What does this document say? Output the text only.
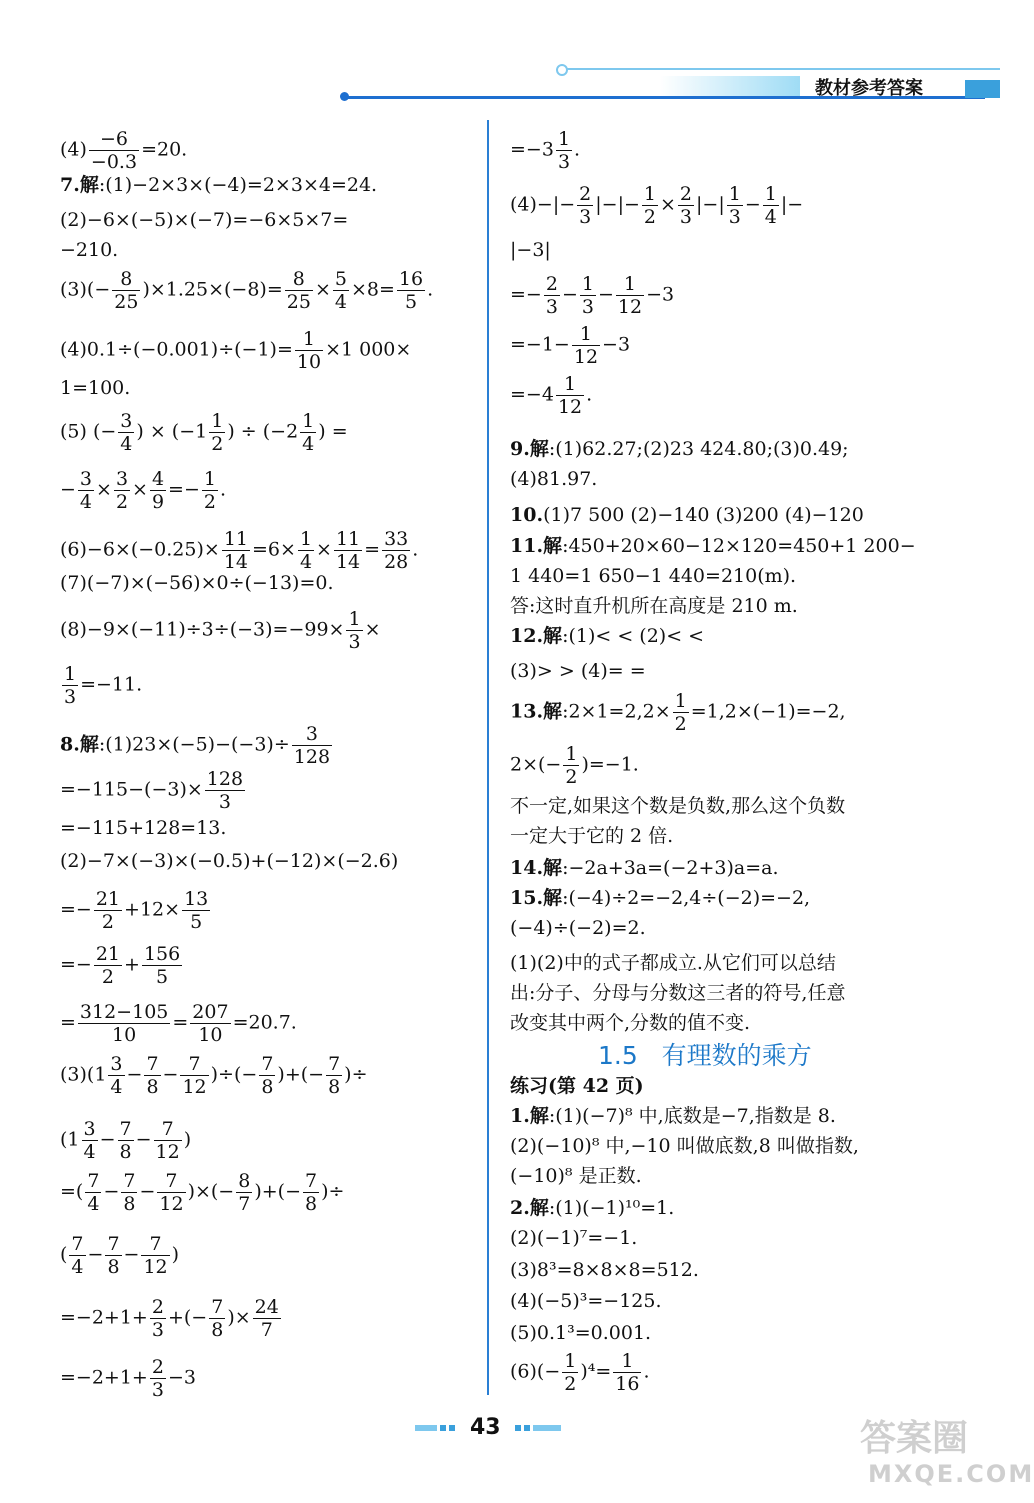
教材参考答案
$(4) \frac{-6}{-0.3} =20$.
7.解:(1)−2×3×(−4)=2×3×4=24.
(2)−6×(−5)×(−7)=−6×5×7=
−210.
$(3)(- \frac{8}{25} )\times 1.25\times(-8)= \frac{8}{25} \times \frac{5}{4} \times 8= \frac{16}{5}$ .
$(4)0.1\div(-0.001)\div(-1)= \frac{1}{10} \times 1$ 000×
1=100.
(5) (− $\frac{3}{4}$ ) × ($-1 \frac{1}{2}$ ) ÷ ($-2 \frac{1}{4}$ ) =
− $\frac{3}{4} \times \frac{3}{2} \times \frac{4}{9} =- \frac{1}{2}$ .
$(6)-6\times(-0.25)\times \frac{11}{14} =6\times \frac{1}{4} \times \frac{11}{14} = \frac{33}{28}$ .
(7)(−7)×(−56)×0÷(−13)=0.
$(8)-9\times(-11)\div 3\div(-3)=-99\times \frac{1}{3}$ ×
$\frac{1}{3} =-11$.
8.解:(1)23×(−5)−(−3)÷ $\frac{3}{128}$
$=-115-(-3)\times \frac{128}{3}$
=−115+128=13.
(2)−7×(−3)×(−0.5)+(−12)×(−2.6)
=− $\frac{21}{2} +12\times \frac{13}{5}$
=− $\frac{21}{2} + \frac{156}{5}$
= $\frac{312-105}{10} = \frac{207}{10} =20.7$.
$(3)(1 \frac{3}{4} - \frac{7}{8} - \frac{7}{12}$ )÷(− $\frac{7}{8}$ )+(− $\frac{7}{8}$ )÷
($1 \frac{3}{4} - \frac{7}{8} - \frac{7}{12}$ )
=( $\frac{7}{4} - \frac{7}{8} - \frac{7}{12}$ )×(− $\frac{8}{7}$ )+(− $\frac{7}{8}$ )÷
( $\frac{7}{4} - \frac{7}{8} - \frac{7}{12}$ )
$=-2+1+ \frac{2}{3}$ +(− $\frac{7}{8}$ )× $\frac{24}{7}$
$=-2+1+ \frac{2}{3} -3$
$=-3 \frac{1}{3}$ .
$(4)-|- \frac{2}{3}$ |−|− $\frac{1}{2} \times \frac{2}{3}$ |−| $\frac{1}{3} - \frac{1}{4}$ |−
|−3|
=− $\frac{2}{3} - \frac{1}{3} - \frac{1}{12} -3$
$=-1- \frac{1}{12} -3$
$=-4 \frac{1}{12}$ .
9.解:(1)62.27;(2)23 424.80;(3)0.49;
(4)81.97.
10.(1)7 500 (2)−140 (3)200 (4)−120
11.解:450+20×60−12×120=450+1 200−
1 440=1 650−1 440=210(m).
答:这时直升机所在高度是 210 m.
12.解:(1)< < (2)< <
(3)> > (4)= =
13.解:2×1=2,2× $\frac{1}{2} =1,2\times(-1)=-2$,
$2\times(- \frac{1}{2} )=-1$.
不一定,如果这个数是负数,那么这个负数
一定大于它的 2 倍.
14.解:−2a+3a=(−2+3)a=a.
15.解:(−4)÷2=−2,4÷(−2)=−2,
(−4)÷(−2)=2.
(1)(2)中的式子都成立.从它们可以总结
出:分子、分母与分数这三者的符号,任意
改变其中两个,分数的值不变.
练习(第 42 页)
1.解:(1)(−7)⁸ 中,底数是−7,指数是 8.
(2)(−10)⁸ 中,−10 叫做底数,8 叫做指数,
(−10)⁸ 是正数.
2.解:(1)(−1)¹⁰=1.
(2)(−1)⁷=−1.
(3)8³=8×8×8=512.
(4)(−5)³=−125.
(5)0.1³=0.001.
$(6)(- \frac{1}{2} )^4= \frac{1}{16}$ .
1.5 有理数的乘方
43	答案圈
MXQE.COM
